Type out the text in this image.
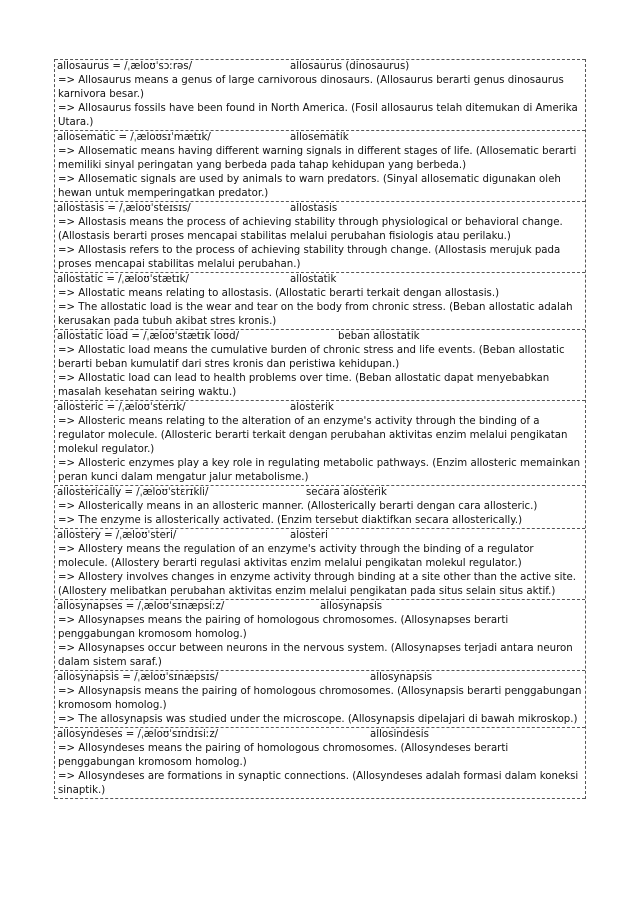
allosaurus = /ˌæloʊˈsɔːrəs/	allosaurus (dinosaurus)
=> Allosaurus means a genus of large carnivorous dinosaurs. (Allosaurus berarti genus dinosaurus karnivora besar.)
=> Allosaurus fossils have been found in North America. (Fosil allosaurus telah ditemukan di Amerika Utara.)
allosematic = /ˌæloʊsɪˈmætɪk/	allosematik
=> Allosematic means having different warning signals in different stages of life. (Allosematic berarti memiliki sinyal peringatan yang berbeda pada tahap kehidupan yang berbeda.)
=> Allosematic signals are used by animals to warn predators. (Sinyal allosematic digunakan oleh hewan untuk memperingatkan predator.)
allostasis = /ˌæloʊˈsteɪsɪs/	allostasis
=> Allostasis means the process of achieving stability through physiological or behavioral change. (Allostasis berarti proses mencapai stabilitas melalui perubahan fisiologis atau perilaku.)
=> Allostasis refers to the process of achieving stability through change. (Allostasis merujuk pada proses mencapai stabilitas melalui perubahan.)
allostatic = /ˌæloʊˈstætɪk/	allostatik
=> Allostatic means relating to allostasis. (Allostatic berarti terkait dengan allostasis.)
=> The allostatic load is the wear and tear on the body from chronic stress. (Beban allostatic adalah kerusakan pada tubuh akibat stres kronis.)
allostatic load = /ˌæloʊˈstætɪk loʊd/	beban allostatik
=> Allostatic load means the cumulative burden of chronic stress and life events. (Beban allostatic berarti beban kumulatif dari stres kronis dan peristiwa kehidupan.)
=> Allostatic load can lead to health problems over time. (Beban allostatic dapat menyebabkan masalah kesehatan seiring waktu.)
allosteric = /ˌæloʊˈsterɪk/	alosterik
=> Allosteric means relating to the alteration of an enzyme's activity through the binding of a regulator molecule. (Allosteric berarti terkait dengan perubahan aktivitas enzim melalui pengikatan molekul regulator.)
=> Allosteric enzymes play a key role in regulating metabolic pathways. (Enzim allosteric memainkan peran kunci dalam mengatur jalur metabolisme.)
allosterically = /ˌæloʊˈstɛrɪkli/	secara alosterik
=> Allosterically means in an allosteric manner. (Allosterically berarti dengan cara allosteric.)
=> The enzyme is allosterically activated. (Enzim tersebut diaktifkan secara allosterically.)
allostery = /ˌæloʊˈsteri/	alosteri
=> Allostery means the regulation of an enzyme's activity through the binding of a regulator molecule. (Allostery berarti regulasi aktivitas enzim melalui pengikatan molekul regulator.)
=> Allostery involves changes in enzyme activity through binding at a site other than the active site. (Allostery melibatkan perubahan aktivitas enzim melalui pengikatan pada situs selain situs aktif.)
allosynapses = /ˌæloʊˈsɪnæpsiːz/	allosynapsis
=> Allosynapses means the pairing of homologous chromosomes. (Allosynapses berarti penggabungan kromosom homolog.)
=> Allosynapses occur between neurons in the nervous system. (Allosynapses terjadi antara neuron dalam sistem saraf.)
allosynapsis = /ˌæloʊˈsɪnæpsɪs/	allosynapsis
=> Allosynapsis means the pairing of homologous chromosomes. (Allosynapsis berarti penggabungan kromosom homolog.)
=> The allosynapsis was studied under the microscope. (Allosynapsis dipelajari di bawah mikroskop.)
allosyndeses = /ˌæloʊˈsɪndɪsiːz/	allosindesis
=> Allosyndeses means the pairing of homologous chromosomes. (Allosyndeses berarti penggabungan kromosom homolog.)
=> Allosyndeses are formations in synaptic connections. (Allosyndeses adalah formasi dalam koneksi sinaptik.)
